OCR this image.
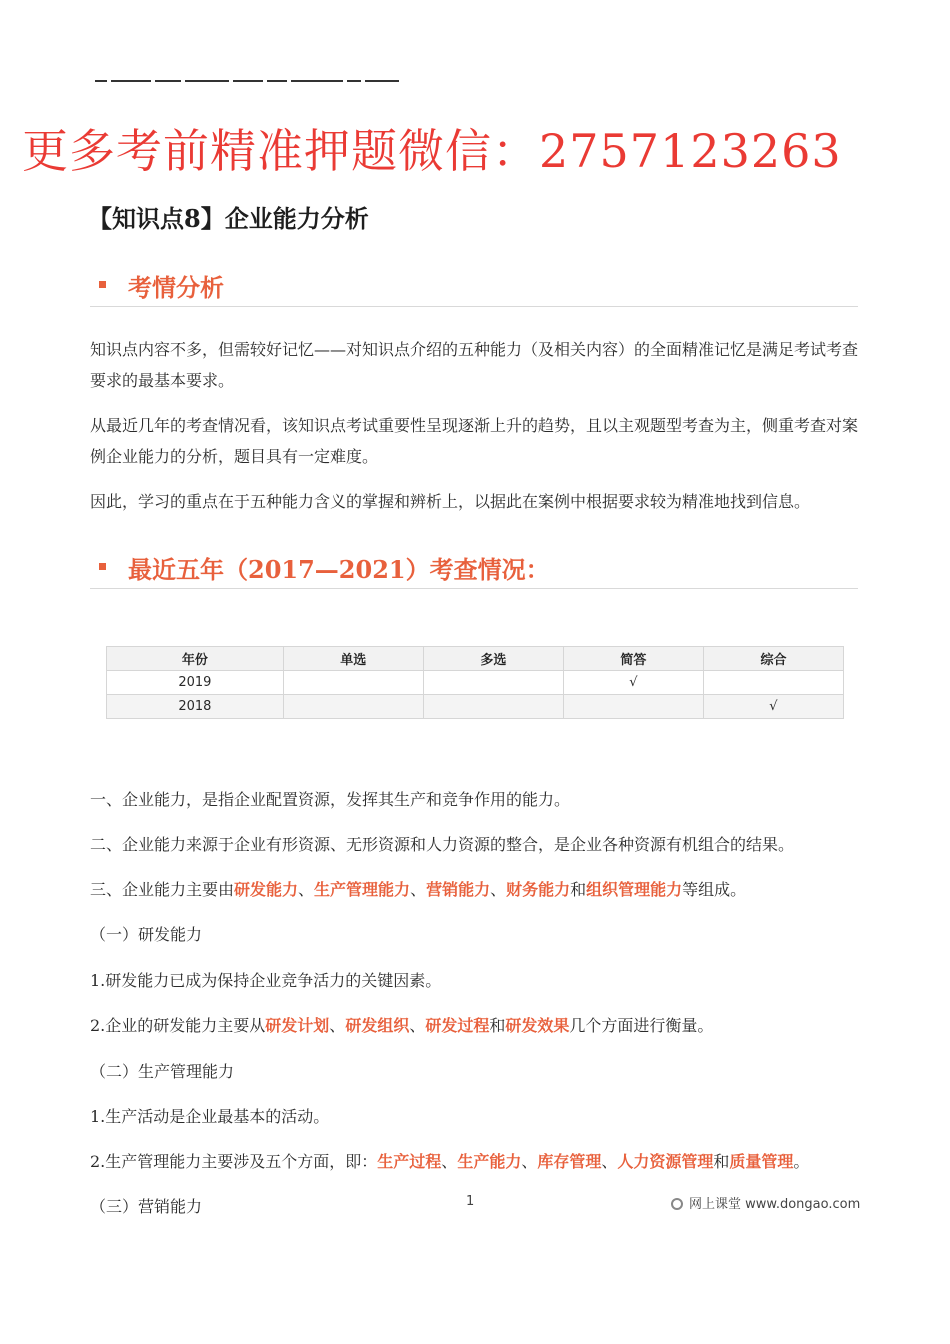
更多考前精准押题微信：2757123263
【知识点8】企业能力分析
考情分析
知识点内容不多，但需较好记忆——对知识点介绍的五种能力（及相关内容）的全面精准记忆是满足考试考查要求的最基本要求。
从最近几年的考查情况看，该知识点考试重要性呈现逐渐上升的趋势，且以主观题型考查为主，侧重考查对案例企业能力的分析，题目具有一定难度。
因此，学习的重点在于五种能力含义的掌握和辨析上，以据此在案例中根据要求较为精准地找到信息。
最近五年（2017—2021）考查情况：
年份	单选	多选	简答	综合
2019			√	
2018				√
一、企业能力，是指企业配置资源，发挥其生产和竞争作用的能力。
二、企业能力来源于企业有形资源、无形资源和人力资源的整合，是企业各种资源有机组合的结果。
三、企业能力主要由研发能力、生产管理能力、营销能力、财务能力和组织管理能力等组成。
（一）研发能力
1.研发能力已成为保持企业竞争活力的关键因素。
2.企业的研发能力主要从研发计划、研发组织、研发过程和研发效果几个方面进行衡量。
（二）生产管理能力
1.生产活动是企业最基本的活动。
2.生产管理能力主要涉及五个方面，即：生产过程、生产能力、库存管理、人力资源管理和质量管理。
（三）营销能力	1	网上课堂 www.dongao.com
